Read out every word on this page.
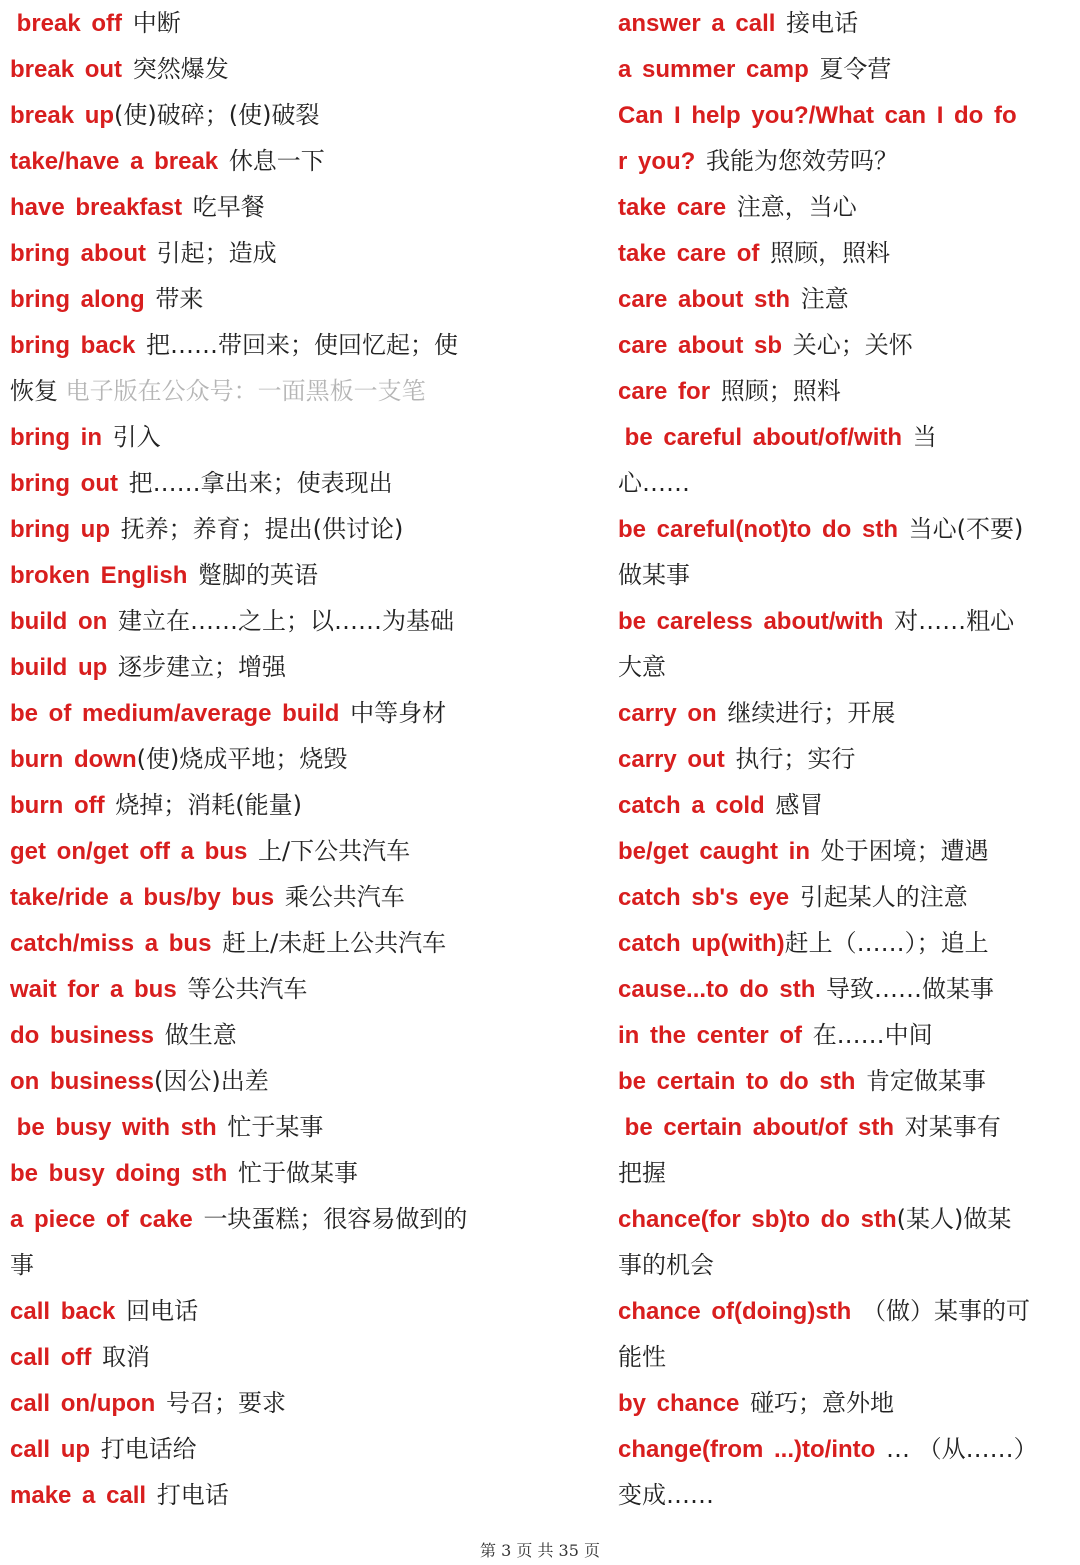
break off 中断
break out 突然爆发
break up(使)破碎；(使)破裂
take/have a break 休息一下
have breakfast 吃早餐
bring about 引起；造成
bring along 带来
bring back 把……带回来；使回忆起；使
恢复 电子版在公众号：一面黑板一支笔
bring in 引入
bring out 把……拿出来；使表现出
bring up 抚养；养育；提出(供讨论)
broken English 蹩脚的英语
build on 建立在……之上；以……为基础
build up 逐步建立；增强
be of medium/average build 中等身材
burn down(使)烧成平地；烧毁
burn off 烧掉；消耗(能量)
get on/get off a bus 上/下公共汽车
take/ride a bus/by bus 乘公共汽车
catch/miss a bus 赶上/未赶上公共汽车
wait for a bus 等公共汽车
do business 做生意
on business(因公)出差
be busy with sth 忙于某事
be busy doing sth 忙于做某事
a piece of cake 一块蛋糕；很容易做到的
事
call back 回电话
call off 取消
call on/upon 号召；要求
call up 打电话给
make a call 打电话
answer a call 接电话
a summer camp 夏令营
Can I help you?/What can I do fo
r you? 我能为您效劳吗？
take care 注意，当心
take care of 照顾，照料
care about sth 注意
care about sb 关心；关怀
care for 照顾；照料
be careful about/of/with 当
心……
be careful(not)to do sth 当心(不要)
做某事
be careless about/with 对……粗心
大意
carry on 继续进行；开展
carry out 执行；实行
catch a cold 感冒
be/get caught in 处于困境；遭遇
catch sb's eye 引起某人的注意
catch up(with)赶上（……）；追上
cause...to do sth 导致……做某事
in the center of 在……中间
be certain to do sth 肯定做某事
be certain about/of sth 对某事有
把握
chance(for sb)to do sth(某人)做某
事的机会
chance of(doing)sth （做）某事的可
能性
by chance 碰巧；意外地
change(from ...)to/into … （从……）
变成……
第 3 页 共 35 页
